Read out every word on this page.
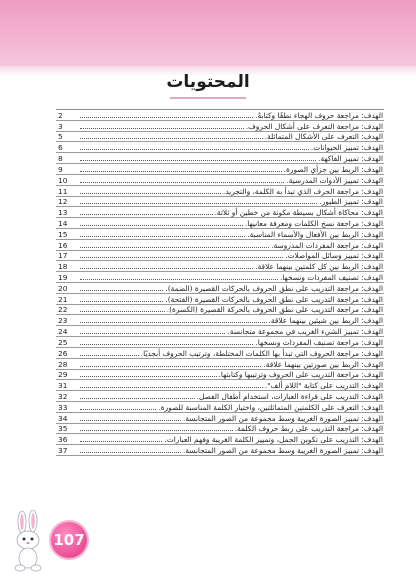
المحتويات
الهدف: مراجعة حروف الهجاء نطقًا وكتابةً.
2
الهدف: مراجعة التعرف على أشكال الحروف.
3
الهدف: التعرف على الأشكال المتماثلة.
5
الهدف: تمييز الحيوانات.
6
الهدف: تمييز الفاكهة.
8
الهدف: الربط بين جزأي الصورة.
9
الهدف: تمييز الأدوات المدرسية.
10
الهدف: مراجعة الحرف الذي تبدأ به الكلمة، والتجريد.
11
الهدف: تمييز الطيور.
12
الهدف: محاكاة أشكال بسيطة مكونة من خطين أو ثلاثة.
13
الهدف: مراجعة نسخ الكلمات ومعرفة معانيها.
14
الهدف: الربط بين الأفعال والأسماء المناسبة.
15
الهدف: مراجعة المفردات المدروسة.
16
الهدف: تمييز وسائل المواصلات.
17
الهدف: الربط بين كل كلمتين بينهما علاقة.
18
الهدف: تصنيف المفردات ونسخها.
19
الهدف: مراجعة التدريب على نطق الحروف بالحركات القصيرة (الضمة).
20
الهدف: مراجعة التدريب على نطق الحروف بالحركات القصيرة (الفتحة).
21
الهدف: مراجعة التدريب على نطق الحروف بالحركة القصيرة (الكسرة).
22
الهدف: الربط بين شيئين بينهما علاقة.
23
الهدف: تمييز الشيء الغريب في مجموعة متجانسة.
24
الهدف: مراجعة تصنيف المفردات ونسخها.
25
الهدف: مراجعة الحروف التي تبدأ بها الكلمات المختلطة، وترتيب الحروف أبجديًا.
26
الهدف: الربط بين صورتين بينهما علاقة.
28
الهدف: مراجعة التدريب على الحروف وترتيبها وكتابتها.
29
الهدف: التدريب على كتابة "اللام ألف".
31
الهدف: التدريب على قراءة العبارات، استخدام أطفال الفصل.
32
الهدف: التعرف على الكلمتين المتماثلتين، واختيار الكلمة المناسبة للصورة.
33
الهدف: تمييز الصورة الغريبة وسط مجموعة من الصور المتجانسة.
34
الهدف: مراجعة التدريب على ربط حروف الكلمة.
35
الهدف: التدريب على تكوين الجمل، وتمييز الكلمة الغريبة وفهم العبارات.
36
الهدف: تمييز الصورة الغريبة وسط مجموعة من الصور المتجانسة.
37
107
